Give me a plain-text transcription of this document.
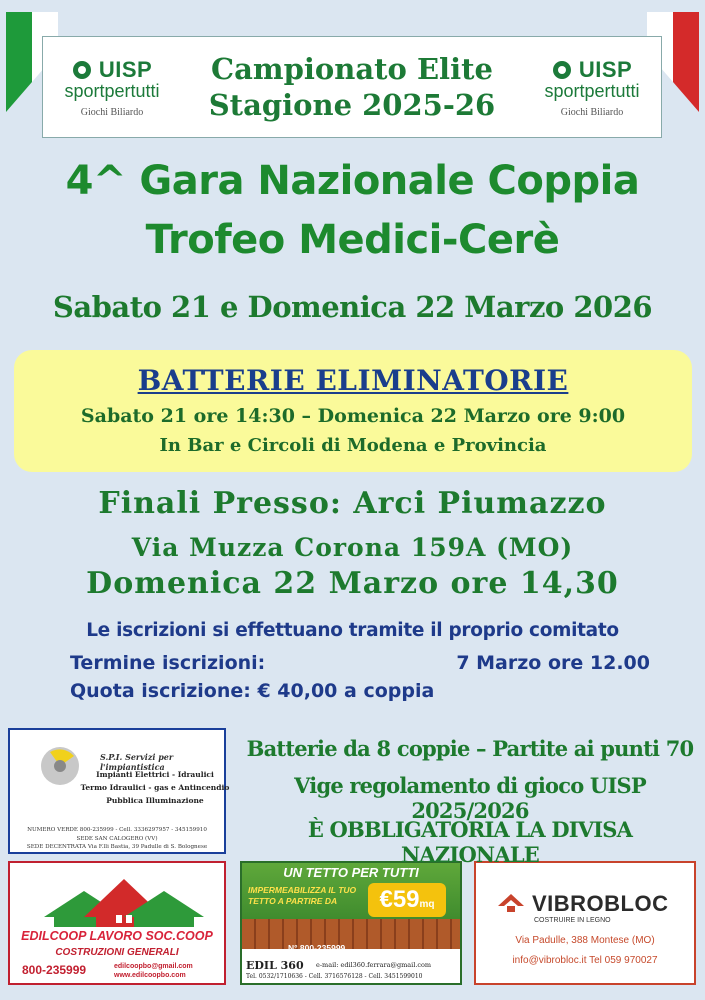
UISP
sportpertutti
Giochi Biliardo
Campionato Elite
Stagione 2025-26
UISP
sportpertutti
Giochi Biliardo
4^ Gara Nazionale Coppia
Trofeo Medici-Cerè
Sabato 21 e Domenica 22 Marzo 2026
BATTERIE ELIMINATORIE
Sabato 21 ore 14:30 – Domenica 22 Marzo ore 9:00
In Bar e Circoli di Modena e Provincia
Finali Presso: Arci Piumazzo
Via Muzza Corona 159A (MO)
Domenica 22 Marzo ore 14,30
Le iscrizioni si effettuano tramite il proprio comitato
Termine iscrizioni:	7 Marzo ore 12.00
Quota iscrizione: € 40,00 a coppia
S.P.I. Servizi per l'impiantistica
Impianti Elettrici - Idraulici
Termo Idraulici - gas e Antincendio
Pubblica Illuminazione
NUMERO VERDE 800-235999 - Cell. 3336297957 - 345159910
SEDE SAN CALOGERO (VV)
SEDE DECENTRATA Via F.lli Bastia, 39 Padulle di S. Bolognese
EDILCOOP LAVORO SOC.COOP
COSTRUZIONI GENERALI
800-235999	edilcoopbo@gmail.com
www.edilcoopbo.com
UN TETTO PER TUTTI
IMPERMEABILIZZA IL TUO
TETTO A PARTIRE DA	€59mq
N° 800-235999
EDIL 360 e-mail: edil360.ferrara@gmail.com
Tel. 0532/1710636 - Cell. 3716576128 - Cell. 3451599010
VIBROBLOC
COSTRUIRE IN LEGNO
Via Padulle, 388 Montese (MO)
info@vibrobloc.it Tel 059 970027
Batterie da 8 coppie – Partite ai punti 70
Vige regolamento di gioco UISP 2025/2026
È OBBLIGATORIA LA DIVISA NAZIONALE
